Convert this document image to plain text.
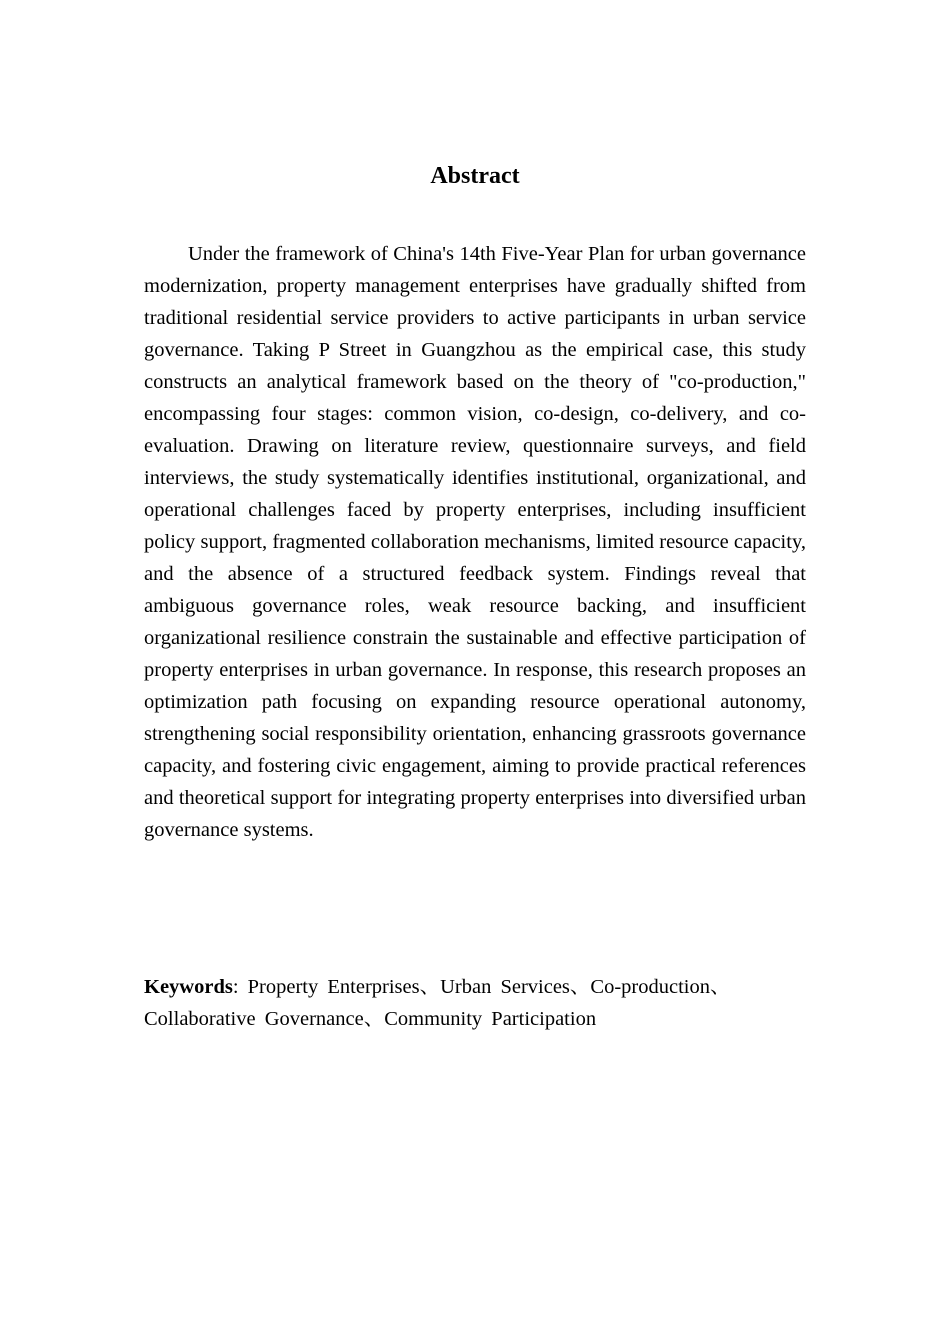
Abstract

Under the framework of China's 14th Five-Year Plan for urban governance modernization, property management enterprises have gradually shifted from traditional residential service providers to active participants in urban service governance. Taking P Street in Guangzhou as the empirical case, this study constructs an analytical framework based on the theory of "co-production," encompassing four stages: common vision, co-design, co-delivery, and co-evaluation. Drawing on literature review, questionnaire surveys, and field interviews, the study systematically identifies institutional, organizational, and operational challenges faced by property enterprises, including insufficient policy support, fragmented collaboration mechanisms, limited resource capacity, and the absence of a structured feedback system. Findings reveal that ambiguous governance roles, weak resource backing, and insufficient organizational resilience constrain the sustainable and effective participation of property enterprises in urban governance. In response, this research proposes an optimization path focusing on expanding resource operational autonomy, strengthening social responsibility orientation, enhancing grassroots governance capacity, and fostering civic engagement, aiming to provide practical references and theoretical support for integrating property enterprises into diversified urban governance systems.

Keywords: Property Enterprises、Urban Services、Co-production、Collaborative Governance、Community Participation
